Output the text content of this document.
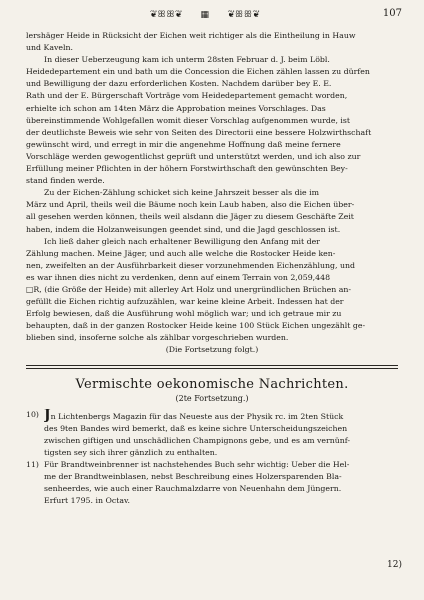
❦ꕥꕥ❦ ▦ ❦ꕥꕥ❦	107
lershäger Heide in Rücksicht der Eichen weit richtiger als die Eintheilung in Hauw
und Kaveln.
In dieser Ueberzeugung kam ich unterm 28sten Februar d. J. beim Löbl.
Heidedepartement ein und bath um die Concession die Eichen zählen lassen zu dürfen
und Bewilligung der dazu erforderlichen Kosten. Nachdem darüber bey E. E.
Rath und der E. Bürgerschaft Vorträge vom Heidedepartement gemacht worden,
erhielte ich schon am 14ten März die Approbation meines Vorschlages. Das
übereinstimmende Wohlgefallen womit dieser Vorschlag aufgenommen wurde, ist
der deutlichste Beweis wie sehr von Seiten des Directorii eine bessere Holzwirthschaft
gewünscht wird, und erregt in mir die angenehme Hoffnung daß meine fernere
Vorschläge werden gewogentlichst geprüft und unterstützt werden, und ich also zur
Erfüllung meiner Pflichten in der höhern Forstwirthschaft den gewünschten Bey-
stand finden werde.
Zu der Eichen-Zählung schicket sich keine Jahrszeit besser als die im
März und April, theils weil die Bäume noch kein Laub haben, also die Eichen über-
all gesehen werden können, theils weil alsdann die Jäger zu diesem Geschäfte Zeit
haben, indem die Holzanweisungen geendet sind, und die Jagd geschlossen ist.
Ich ließ daher gleich nach erhaltener Bewilligung den Anfang mit der
Zählung machen. Meine Jäger, und auch alle welche die Rostocker Heide ken-
nen, zweifelten an der Ausführbarkeit dieser vorzunehmenden Eichenzählung, und
es war ihnen dies nicht zu verdenken, denn auf einem Terrain von 2,059,448
□R, (die Größe der Heide) mit allerley Art Holz und unergründlichen Brüchen an-
gefüllt die Eichen richtig aufzuzählen, war keine kleine Arbeit. Indessen hat der
Erfolg bewiesen, daß die Ausführung wohl möglich war; und ich getraue mir zu
behaupten, daß in der ganzen Rostocker Heide keine 100 Stück Eichen ungezählt ge-
blieben sind, insoferne solche als zählbar vorgeschrieben wurden.
(Die Fortsetzung folgt.)
Vermischte oekonomische Nachrichten.
(2te Fortsetzung.)
10) Jn Lichtenbergs Magazin für das Neueste aus der Physik rc. im 2ten Stück
des 9ten Bandes wird bemerkt, daß es keine sichre Unterscheidungszeichen
zwischen giftigen und unschädlichen Champignons gebe, und es am vernünf-
tigsten sey sich ihrer gänzlich zu enthalten.
11) Für Brandtweinbrenner ist nachstehendes Buch sehr wichtig: Ueber die Hel-
me der Brandtweinblasen, nebst Beschreibung eines Holzersparenden Bla-
senheerdes, wie auch einer Rauchmalzdarre von Neuenhahn dem Jüngern.
Erfurt 1795. in Octav.
12)
